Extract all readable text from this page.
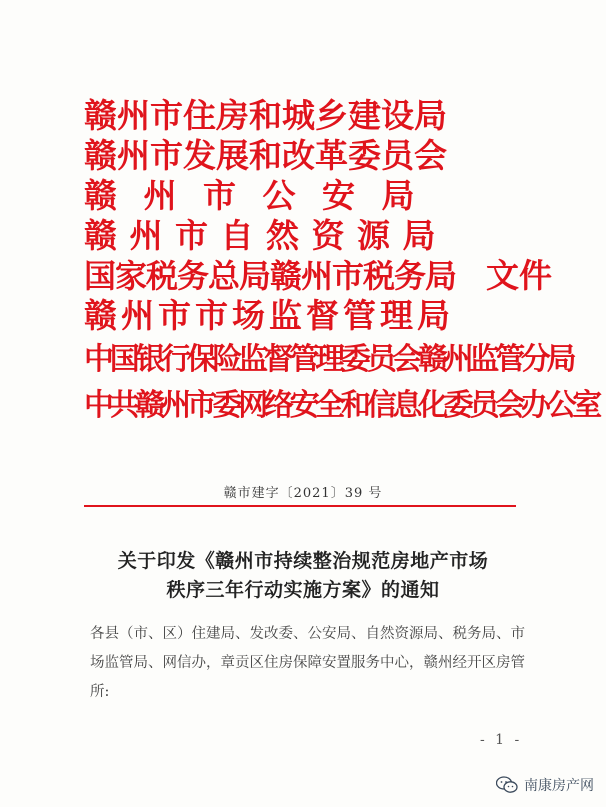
赣州市住房和城乡建设局
赣州市发展和改革委员会
赣州市公安局
赣州市自然资源局
国家税务总局赣州市税务局 文件
赣州市市场监督管理局
中国银行保险监督管理委员会赣州监管分局
中共赣州市委网络安全和信息化委员会办公室
赣市建字〔2021〕39 号
关于印发《赣州市持续整治规范房地产市场
秩序三年行动实施方案》的通知

各县（市、区）住建局、发改委、公安局、自然资源局、税务局、市场监管局、网信办，章贡区住房保障安置服务中心，赣州经开区房管所:

- 1 -
南康房产网
